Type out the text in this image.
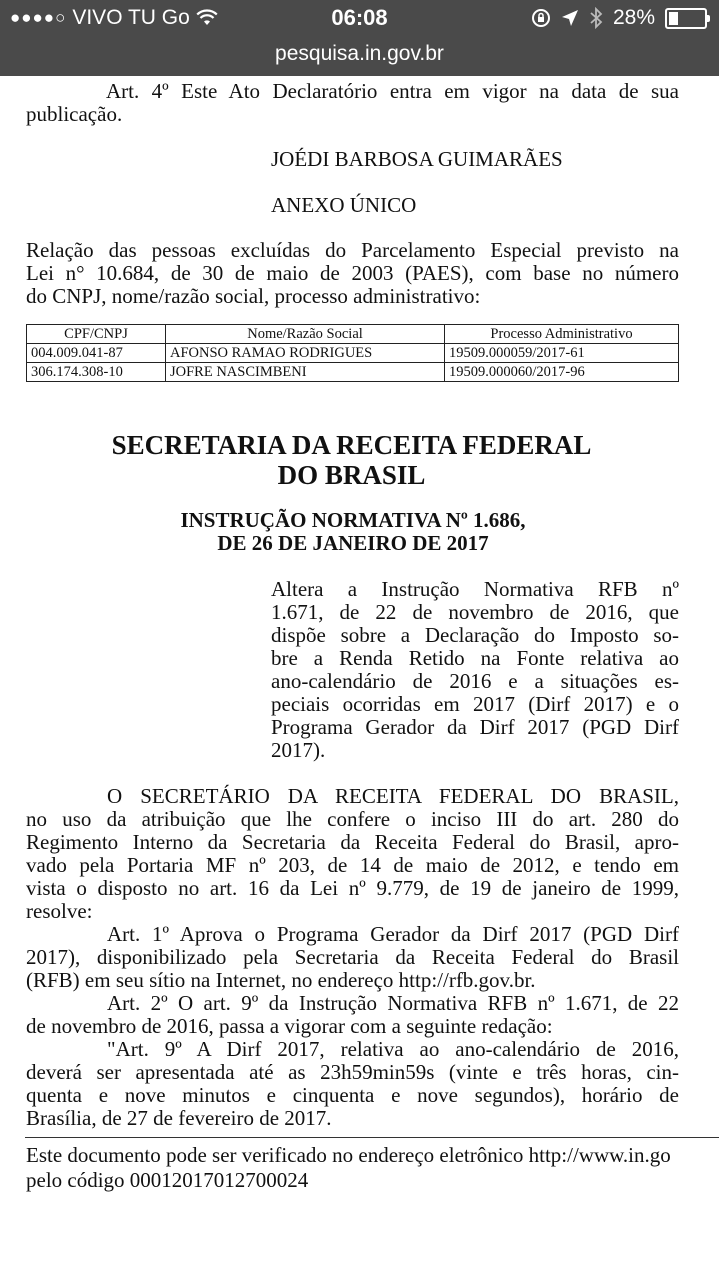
●●●●○ VIVO TU Go	06:08	28%
pesquisa.in.gov.br
Art. 4º Este Ato Declaratório entra em vigor na data de sua
publicação.
JOÉDI BARBOSA GUIMARÃES
ANEXO ÚNICO
Relação das pessoas excluídas do Parcelamento Especial previsto na
Lei n° 10.684, de 30 de maio de 2003 (PAES), com base no número
do CNPJ, nome/razão social, processo administrativo:
CPF/CNPJ	Nome/Razão Social	Processo Administrativo
004.009.041-87	AFONSO RAMAO RODRIGUES	19509.000059/2017-61
306.174.308-10	JOFRE NASCIMBENI	19509.000060/2017-96
SECRETARIA DA RECEITA FEDERAL
DO BRASIL
INSTRUÇÃO NORMATIVA Nº 1.686,
DE 26 DE JANEIRO DE 2017
Altera a Instrução Normativa RFB nº
1.671, de 22 de novembro de 2016, que
dispõe sobre a Declaração do Imposto so-
bre a Renda Retido na Fonte relativa ao
ano-calendário de 2016 e a situações es-
peciais ocorridas em 2017 (Dirf 2017) e o
Programa Gerador da Dirf 2017 (PGD Dirf
2017).
O SECRETÁRIO DA RECEITA FEDERAL DO BRASIL,
no uso da atribuição que lhe confere o inciso III do art. 280 do
Regimento Interno da Secretaria da Receita Federal do Brasil, apro-
vado pela Portaria MF nº 203, de 14 de maio de 2012, e tendo em
vista o disposto no art. 16 da Lei nº 9.779, de 19 de janeiro de 1999,
resolve:
Art. 1º Aprova o Programa Gerador da Dirf 2017 (PGD Dirf
2017), disponibilizado pela Secretaria da Receita Federal do Brasil
(RFB) em seu sítio na Internet, no endereço http://rfb.gov.br.
Art. 2º O art. 9º da Instrução Normativa RFB nº 1.671, de 22
de novembro de 2016, passa a vigorar com a seguinte redação:
"Art. 9º A Dirf 2017, relativa ao ano-calendário de 2016,
deverá ser apresentada até as 23h59min59s (vinte e três horas, cin-
quenta e nove minutos e cinquenta e nove segundos), horário de
Brasília, de 27 de fevereiro de 2017.
Este documento pode ser verificado no endereço eletrônico http://www.in.go
pelo código 00012017012700024
